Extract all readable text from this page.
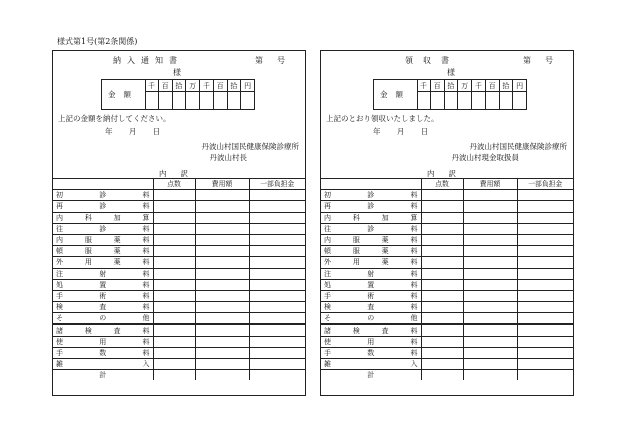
様式第1号(第2条関係)
納入通知書	第号
様
金額
千 百 拾 万 千 百 拾 円
上記の金額を納付してください。
年 月 日
丹波山村国民健康保険診療所
丹波山村長
内訳
	点数	費用額	一部負担金

初 診 料			

再 診 料			

内 科 加 算			

往 診 料			

内 服 薬 料			

頓 服 薬 料			

外 用 薬 料			

注 射 料			

処 置 料			

手 術 料			

検 査 料			

そ の 他			

諸 検 査 料			

使 用 料			

手 数 料			

雑 入			

計			
領収書	第号
様
金額
千 百 拾 万 千 百 拾 円
上記のとおり領収いたしました。
年 月 日
丹波山村国民健康保険診療所
丹波山村現金取扱員
内訳
	点数	費用額	一部負担金

初 診 料			

再 診 料			

内 科 加 算			

往 診 料			

内 服 薬 料			

頓 服 薬 料			

外 用 薬 料			

注 射 料			

処 置 料			

手 術 料			

検 査 料			

そ の 他			

諸 検 査 料			

使 用 料			

手 数 料			

雑 入			

計			
